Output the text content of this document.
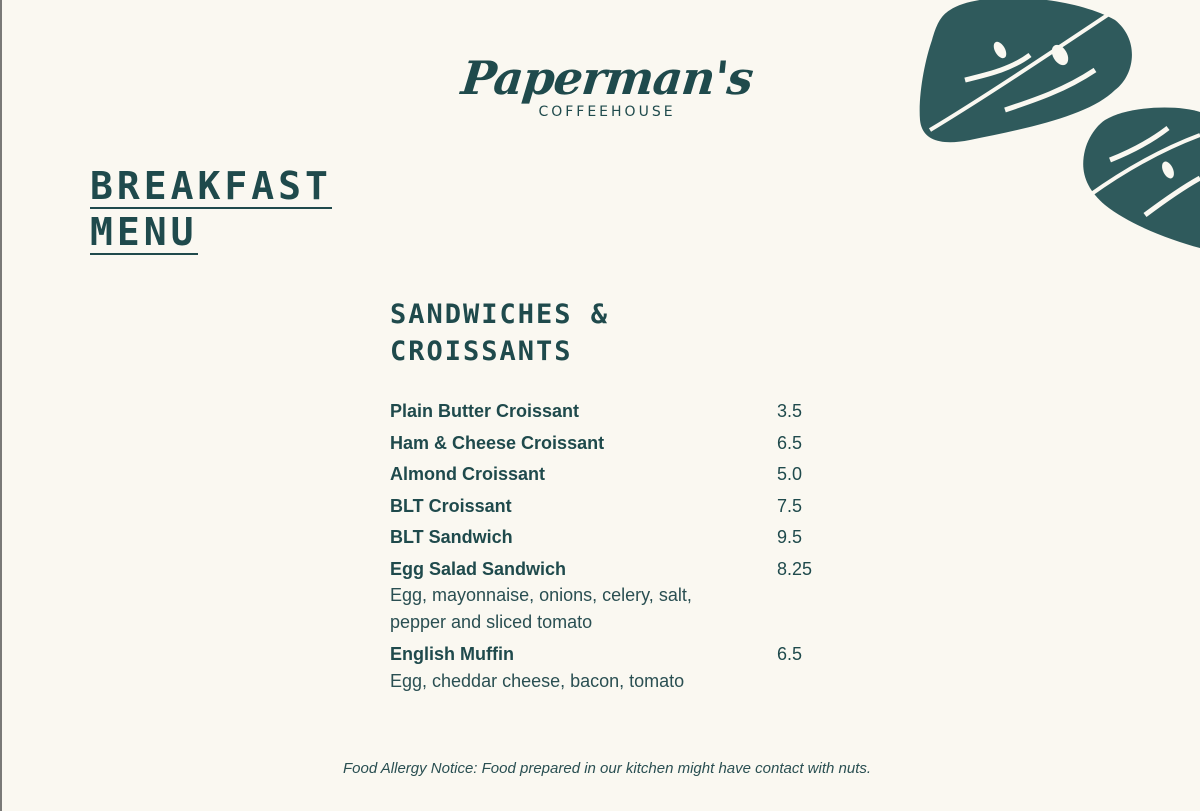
Paperman's
COFFEEHOUSE
BREAKFAST
MENU
SANDWICHES &
CROISSANTS
Plain Butter Croissant	3.5
Ham & Cheese Croissant	6.5
Almond Croissant	5.0
BLT Croissant	7.5
BLT Sandwich	9.5
Egg Salad Sandwich	8.25
Egg, mayonnaise, onions, celery, salt, pepper and sliced tomato
English Muffin	6.5
Egg, cheddar cheese, bacon, tomato
Food Allergy Notice: Food prepared in our kitchen might have contact with nuts.
